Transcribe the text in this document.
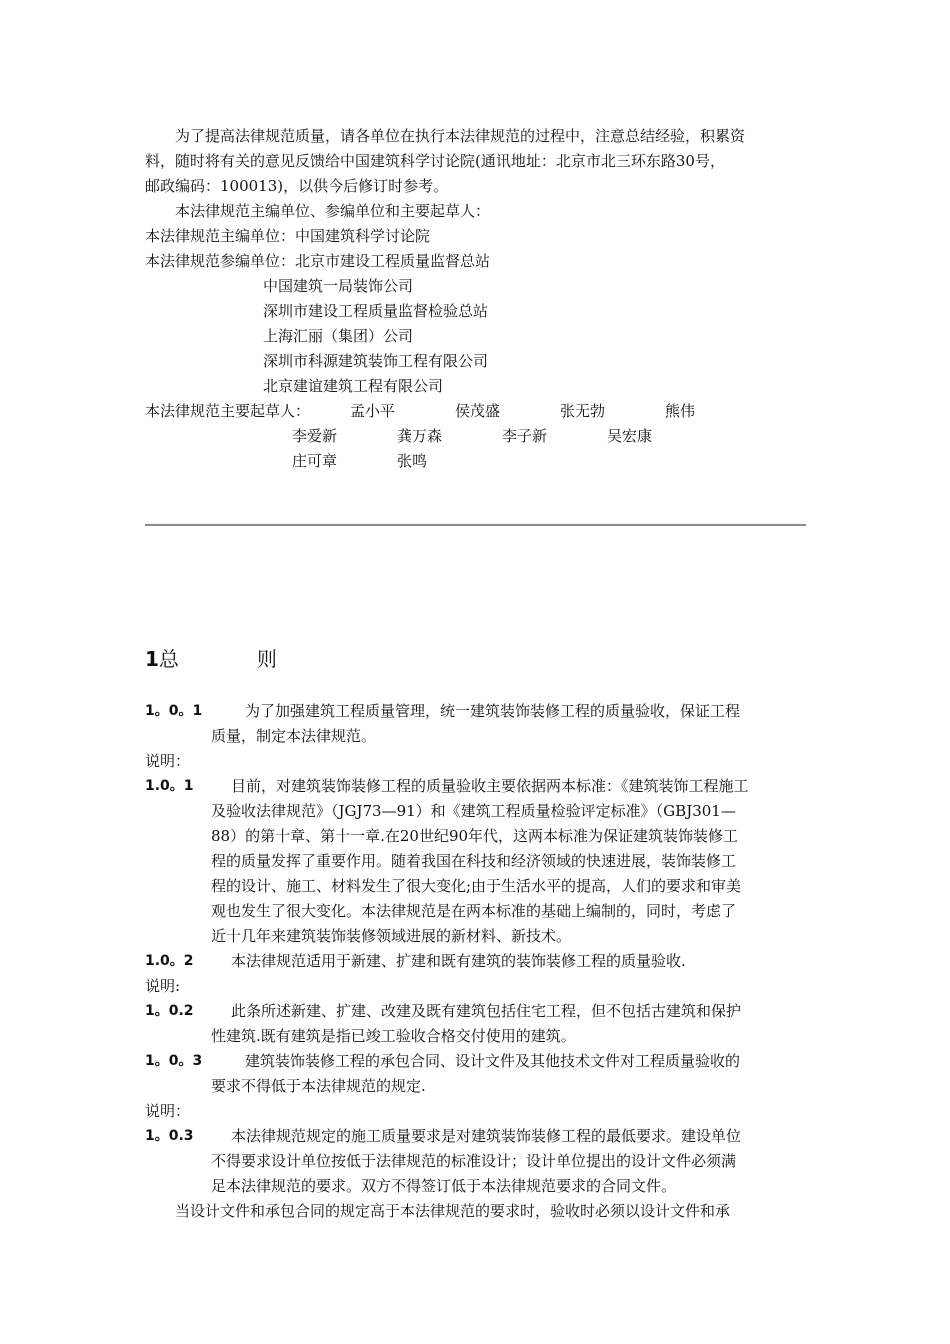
为了提高法律规范质量，请各单位在执行本法律规范的过程中，注意总结经验，积累资
料，随时将有关的意见反馈给中国建筑科学讨论院(通讯地址：北京市北三环东路30号，
邮政编码：100013)，以供今后修订时参考。
本法律规范主编单位、参编单位和主要起草人：
本法律规范主编单位：中国建筑科学讨论院
本法律规范参编单位：北京市建设工程质量监督总站
中国建筑一局装饰公司
深圳市建设工程质量监督检验总站
上海汇丽（集团）公司
深圳市科源建筑装饰工程有限公司
北京建谊建筑工程有限公司
本法律规范主要起草人：	孟小平	侯茂盛	张无勃	熊伟
李爱新	龚万森	李子新	吴宏康
庄可章	张鸣
1总	则
1。0。1	为了加强建筑工程质量管理，统一建筑装饰装修工程的质量验收，保证工程
质量，制定本法律规范。
说明：
1.0。1 目前，对建筑装饰装修工程的质量验收主要依据两本标准：《建筑装饰工程施工
及验收法律规范》（JGJ73—91）和《建筑工程质量检验评定标准》（GBJ301—
88）的第十章、第十一章.在20世纪90年代，这两本标准为保证建筑装饰装修工
程的质量发挥了重要作用。随着我国在科技和经济领域的快速进展，装饰装修工
程的设计、施工、材料发生了很大变化;由于生活水平的提高，人们的要求和审美
观也发生了很大变化。本法律规范是在两本标准的基础上编制的，同时，考虑了
近十几年来建筑装饰装修领域进展的新材料、新技术。
1.0。2 本法律规范适用于新建、扩建和既有建筑的装饰装修工程的质量验收.
说明:
1。0.2 此条所述新建、扩建、改建及既有建筑包括住宅工程，但不包括古建筑和保护
性建筑.既有建筑是指已竣工验收合格交付使用的建筑。
1。0。3	建筑装饰装修工程的承包合同、设计文件及其他技术文件对工程质量验收的
要求不得低于本法律规范的规定.
说明：
1。0.3 本法律规范规定的施工质量要求是对建筑装饰装修工程的最低要求。建设单位
不得要求设计单位按低于法律规范的标准设计；设计单位提出的设计文件必须满
足本法律规范的要求。双方不得签订低于本法律规范要求的合同文件。
当设计文件和承包合同的规定高于本法律规范的要求时，验收时必须以设计文件和承
